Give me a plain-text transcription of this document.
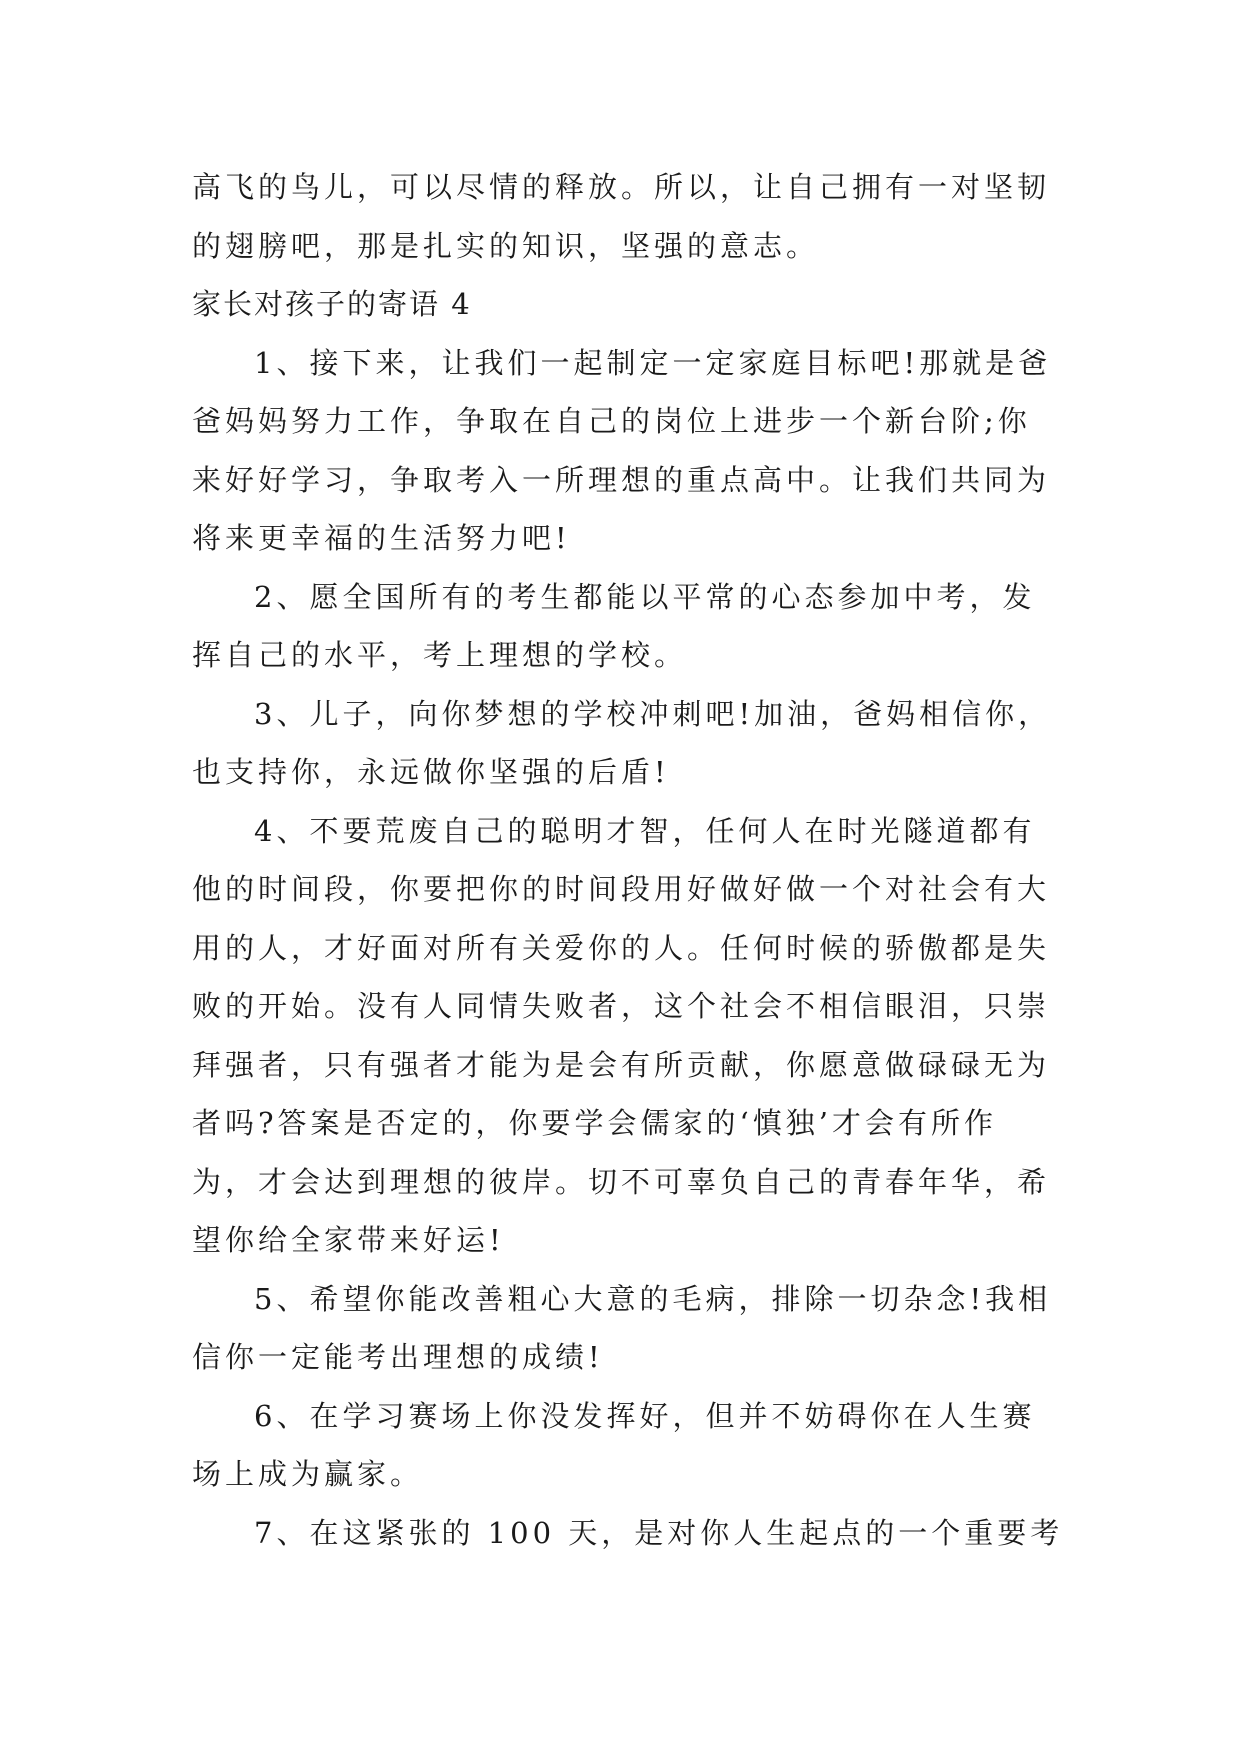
高飞的鸟儿，可以尽情的释放。所以，让自己拥有一对坚韧
的翅膀吧，那是扎实的知识，坚强的意志。
家长对孩子的寄语 4
1、接下来，让我们一起制定一定家庭目标吧!那就是爸
爸妈妈努力工作，争取在自己的岗位上进步一个新台阶;你
来好好学习，争取考入一所理想的重点高中。让我们共同为
将来更幸福的生活努力吧!
2、愿全国所有的考生都能以平常的心态参加中考，发
挥自己的水平，考上理想的学校。
3、儿子，向你梦想的学校冲刺吧!加油，爸妈相信你，
也支持你，永远做你坚强的后盾!
4、不要荒废自己的聪明才智，任何人在时光隧道都有
他的时间段，你要把你的时间段用好做好做一个对社会有大
用的人，才好面对所有关爱你的人。任何时候的骄傲都是失
败的开始。没有人同情失败者，这个社会不相信眼泪，只崇
拜强者，只有强者才能为是会有所贡献，你愿意做碌碌无为
者吗?答案是否定的，你要学会儒家的‘慎独’才会有所作
为，才会达到理想的彼岸。切不可辜负自己的青春年华，希
望你给全家带来好运!
5、希望你能改善粗心大意的毛病，排除一切杂念!我相
信你一定能考出理想的成绩!
6、在学习赛场上你没发挥好，但并不妨碍你在人生赛
场上成为赢家。
7、在这紧张的 100 天，是对你人生起点的一个重要考
